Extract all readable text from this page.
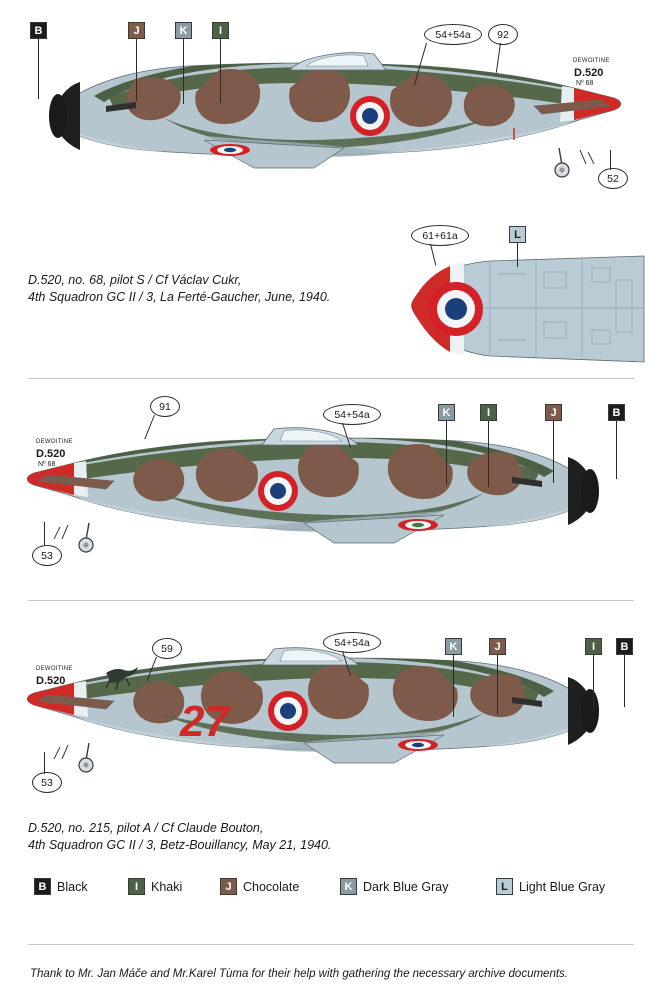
DEWOITINE
D.520
Nº 68
B	J	K	I	54+54a	92
52
D.520, no. 68, pilot S / Cf Václav Cukr,
4th Squadron GC II / 3, La Ferté-Gaucher, June, 1940.
61+61a	L
DEWOITINE
D.520
Nº 68
91
54+54a	K	I	J	B
53
DEWOITINE
D.520
27
59	54+54a	K	J	I	B
53
D.520, no. 215, pilot A / Cf Claude Bouton,
4th Squadron GC II / 3, Betz-Bouillancy, May 21, 1940.
B Black	I	Khaki	J Chocolate	K Dark Blue Gray	L Light Blue Gray
Thank to Mr. Jan Máče and Mr.Karel Tùma for their help with gathering the necessary archive documents.
